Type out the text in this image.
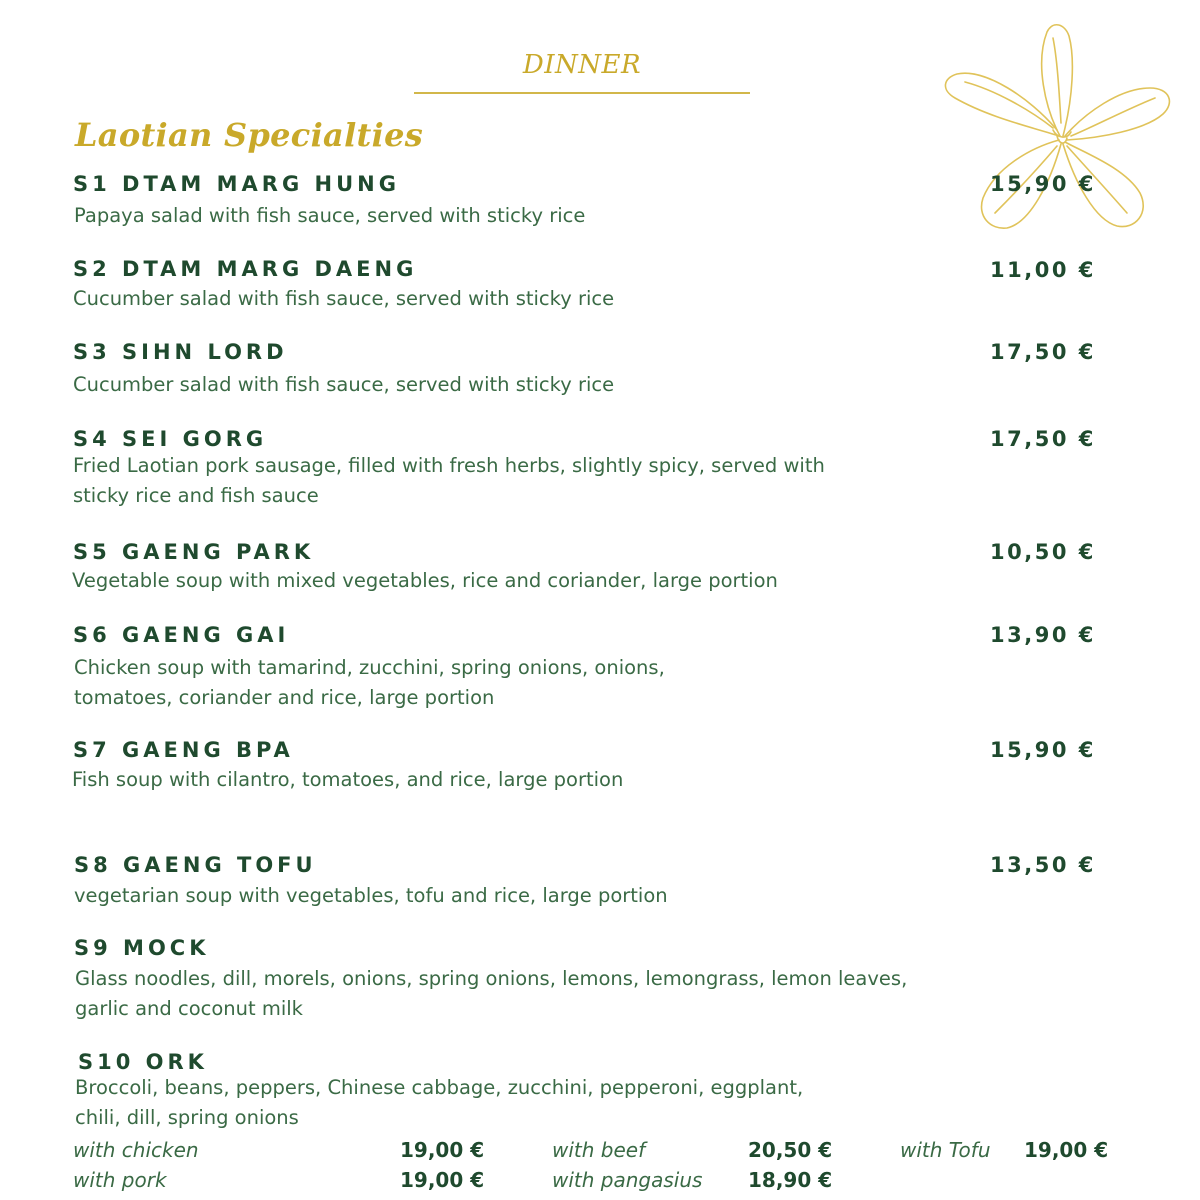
DINNER
Laotian Specialties
S1 DTAM MARG HUNG	15,90 €
Papaya salad with fish sauce, served with sticky rice
S2 DTAM MARG DAENG	11,00 €
Cucumber salad with fish sauce, served with sticky rice
S3 SIHN LORD	17,50 €
Cucumber salad with fish sauce, served with sticky rice
S4 SEI GORG	17,50 €
Fried Laotian pork sausage, filled with fresh herbs, slightly spicy, served with
sticky rice and fish sauce
S5 GAENG PARK	10,50 €
Vegetable soup with mixed vegetables, rice and coriander, large portion
S6 GAENG GAI	13,90 €
Chicken soup with tamarind, zucchini, spring onions, onions,
tomatoes, coriander and rice, large portion
S7 GAENG BPA	15,90 €
Fish soup with cilantro, tomatoes, and rice, large portion
S8 GAENG TOFU	13,50 €
vegetarian soup with vegetables, tofu and rice, large portion
S9 MOCK
Glass noodles, dill, morels, onions, spring onions, lemons, lemongrass, lemon leaves,
garlic and coconut milk
S10 ORK
Broccoli, beans, peppers, Chinese cabbage, zucchini, pepperoni, eggplant,
chili, dill, spring onions
with chicken	19,00 €	with beef	20,50 €	with Tofu 19,00 €
with pork	19,00 €	with pangasius 18,90 €
